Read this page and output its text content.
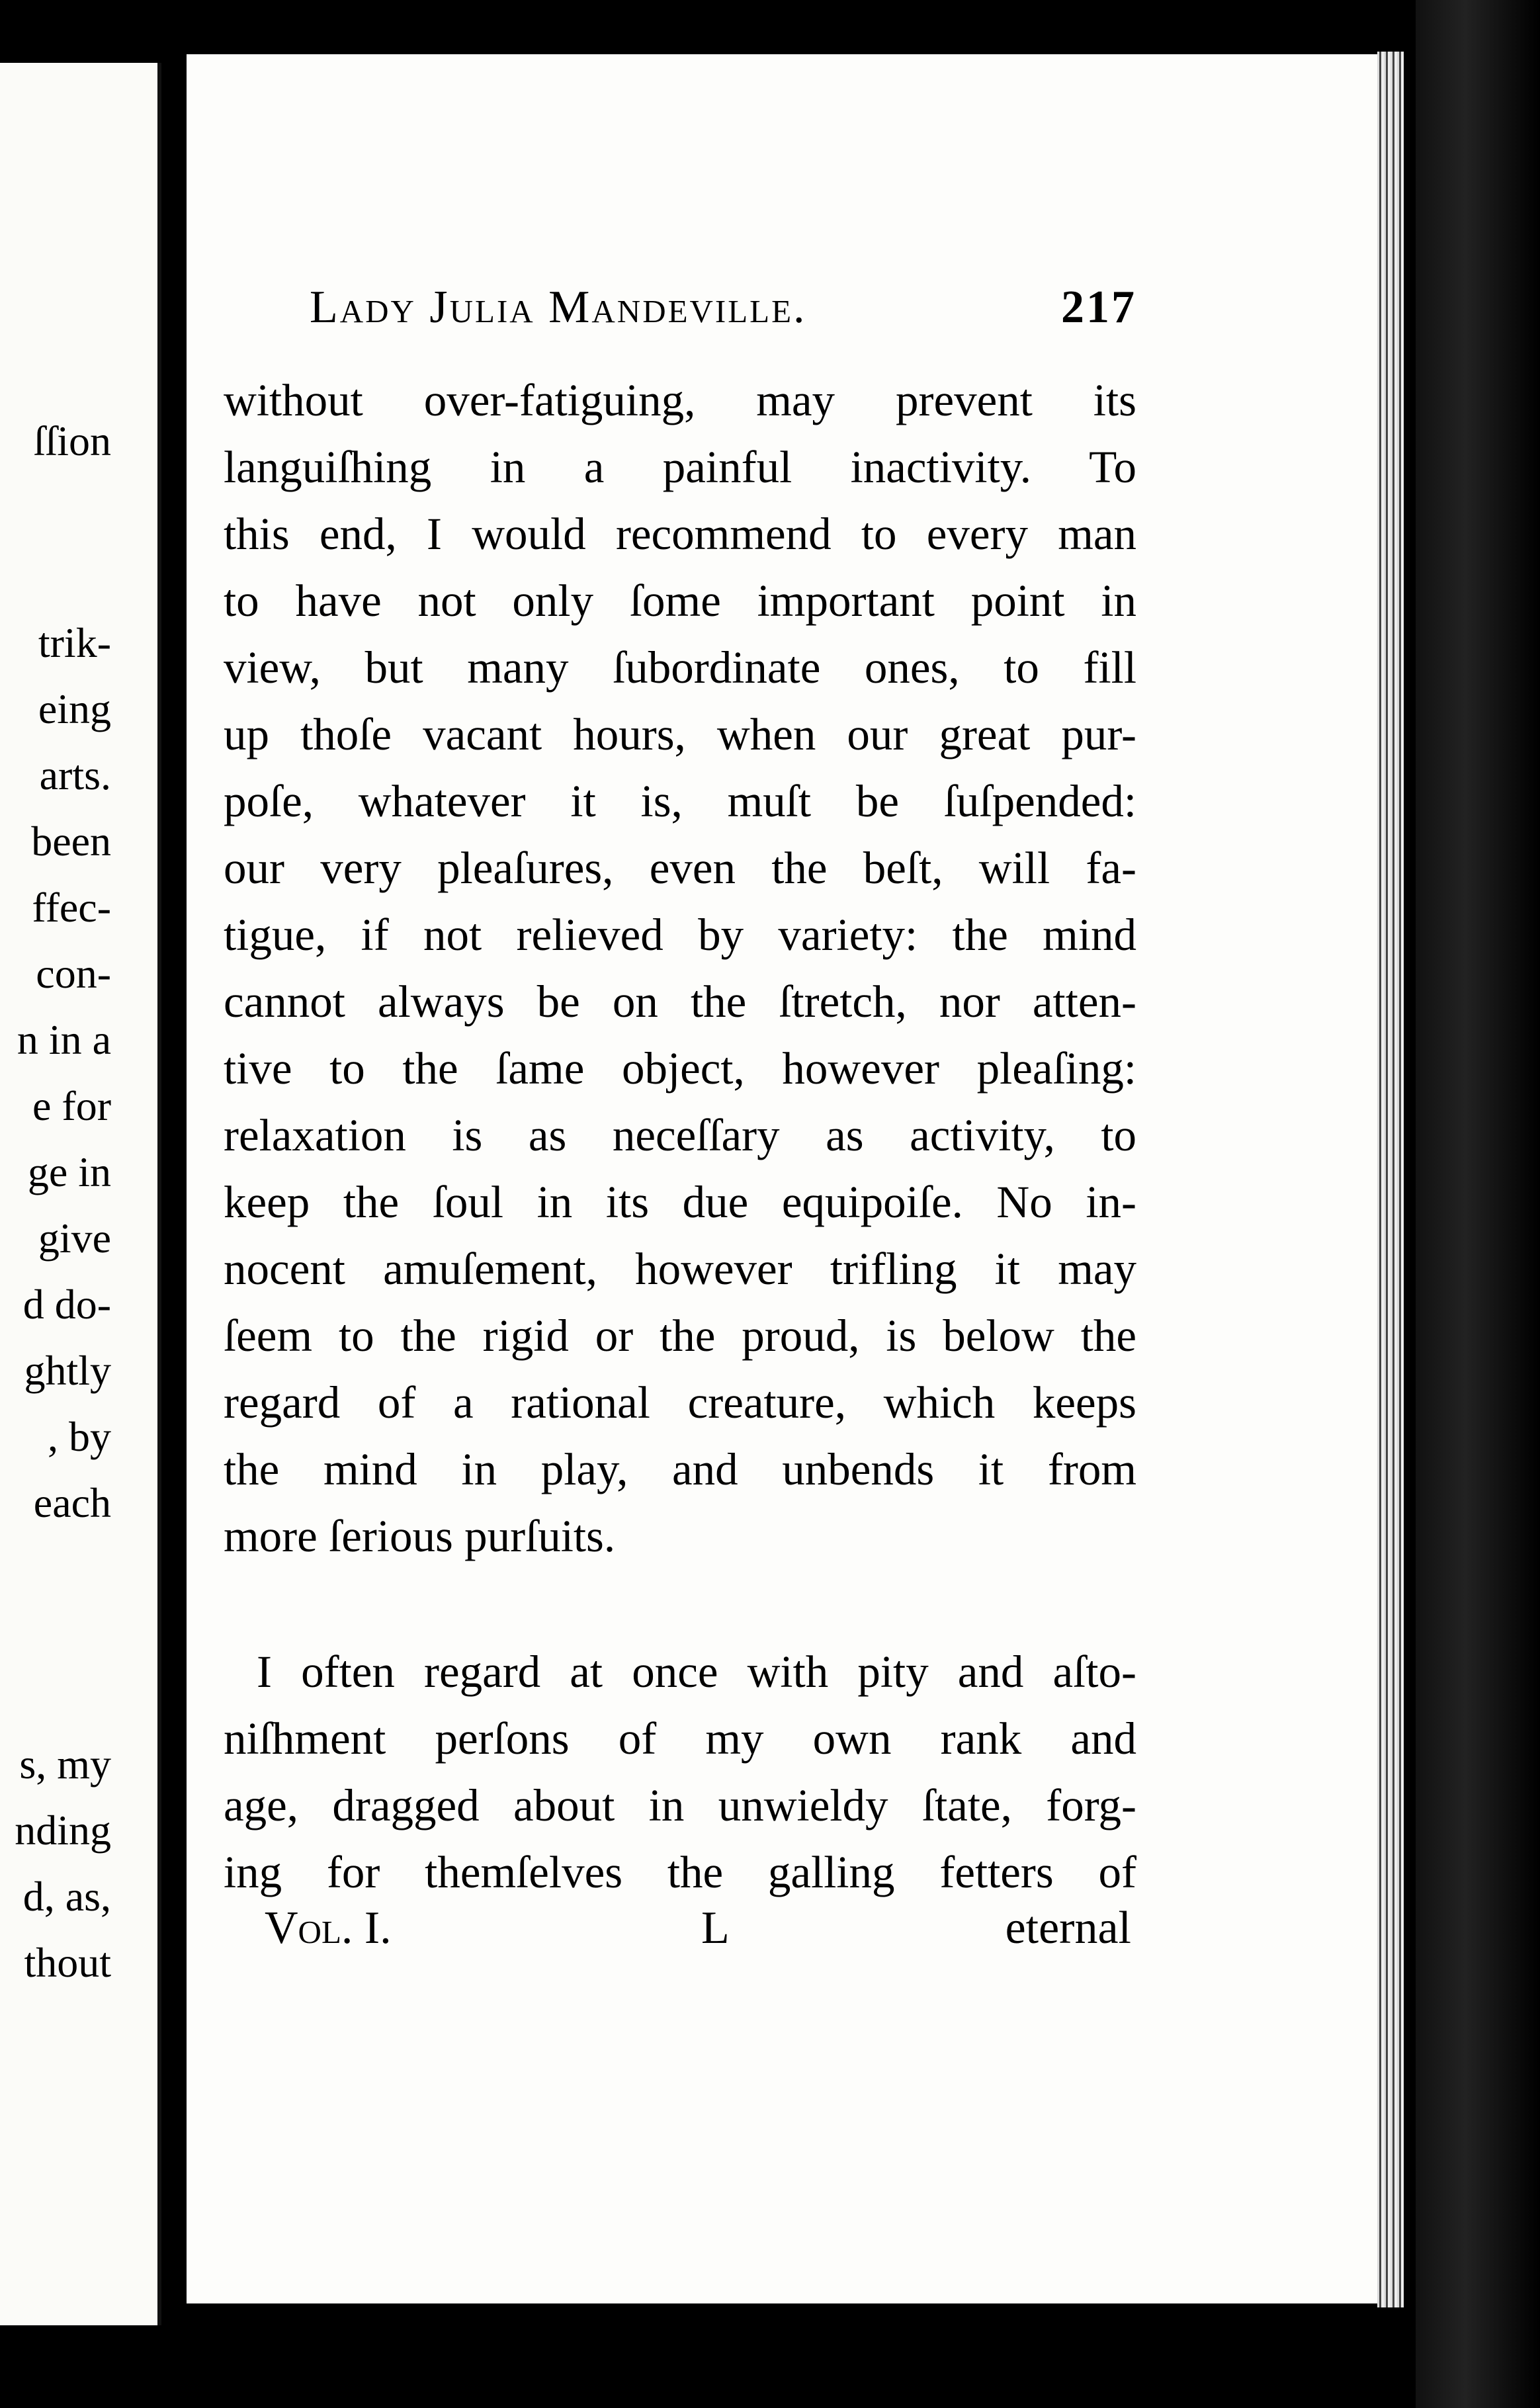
ſſion
trik-
eing
arts.
been
ffec-
con-
n in a
e for
ge in
give
d do-
ghtly
, by
each
s, my
nding
d, as,
thout
Lady Julia Mandeville.	217
without over-fatiguing, may prevent its
languiſhing in a painful inactivity. To
this end, I would recommend to every man
to have not only ſome important point in
view, but many ſubordinate ones, to fill
up thoſe vacant hours, when our great pur-
poſe, whatever it is, muſt be ſuſpended:
our very pleaſures, even the beſt, will fa-
tigue, if not relieved by variety: the mind
cannot always be on the ſtretch, nor atten-
tive to the ſame object, however pleaſing:
relaxation is as neceſſary as activity, to
keep the ſoul in its due equipoiſe. No in-
nocent amuſement, however trifling it may
ſeem to the rigid or the proud, is below the
regard of a rational creature, which keeps
the mind in play, and unbends it from
more ſerious purſuits.
I often regard at once with pity and aſto-
niſhment perſons of my own rank and
age, dragged about in unwieldy ſtate, forg-
ing for themſelves the galling fetters of
Vol. I.	L	eternal
